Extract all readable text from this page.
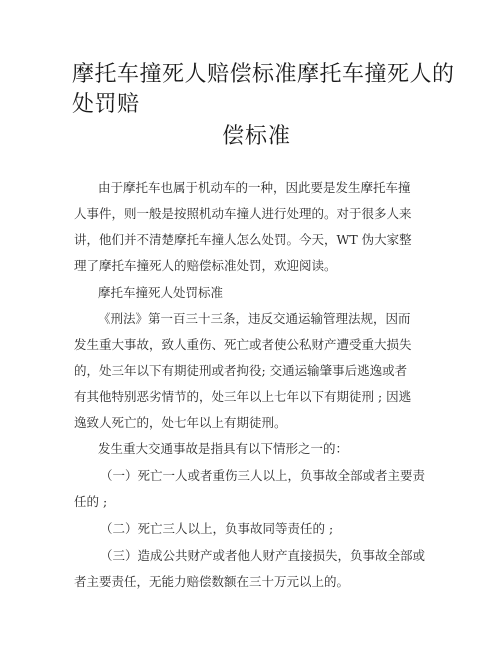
摩托车撞死人赔偿标准摩托车撞死人的
处罚赔
偿标准
由于摩托车也属于机动车的一种，因此要是发生摩托车撞
人事件，则一般是按照机动车撞人进行处理的。对于很多人来
讲，他们并不清楚摩托车撞人怎么处罚。今天，WT 伪大家整
理了摩托车撞死人的赔偿标准处罚，欢迎阅读。
摩托车撞死人处罚标准
《刑法》第一百三十三条，违反交通运输管理法规，因而
发生重大事故，致人重伤、死亡或者使公私财产遭受重大损失
的，处三年以下有期徒刑或者拘役; 交通运输肇事后逃逸或者
有其他特别恶劣情节的，处三年以上七年以下有期徒刑 ; 因逃
逸致人死亡的，处七年以上有期徒刑。
发生重大交通事故是指具有以下情形之一的：
（一）死亡一人或者重伤三人以上，负事故全部或者主要责
任的 ;
（二）死亡三人以上，负事故同等责任的 ;
（三）造成公共财产或者他人财产直接损失，负事故全部或
者主要责任，无能力赔偿数额在三十万元以上的。
